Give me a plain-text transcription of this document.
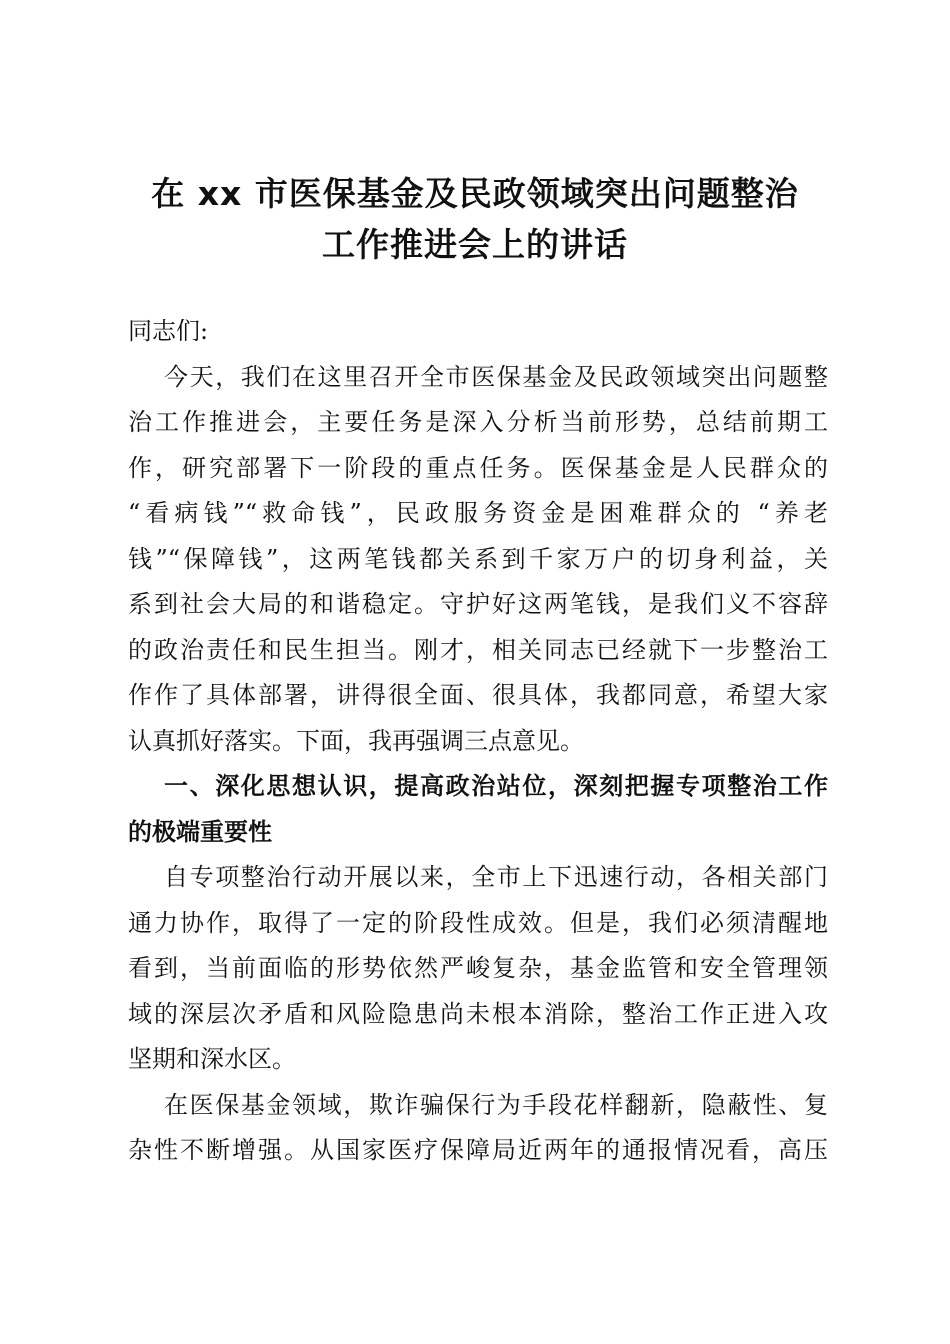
在 xx 市医保基金及民政领域突出问题整治
工作推进会上的讲话
同志们:
今天，我们在这里召开全市医保基金及民政领域突出问题整
治工作推进会，主要任务是深入分析当前形势，总结前期工
作，研究部署下一阶段的重点任务。医保基金是人民群众的
“看病钱”“救命钱”，民政服务资金是困难群众的 “养老
钱”“保障钱”，这两笔钱都关系到千家万户的切身利益，关
系到社会大局的和谐稳定。守护好这两笔钱，是我们义不容辞
的政治责任和民生担当。刚才，相关同志已经就下一步整治工
作作了具体部署，讲得很全面、很具体，我都同意，希望大家
认真抓好落实。下面，我再强调三点意见。
一、深化思想认识，提高政治站位，深刻把握专项整治工作
的极端重要性
自专项整治行动开展以来，全市上下迅速行动，各相关部门
通力协作，取得了一定的阶段性成效。但是，我们必须清醒地
看到，当前面临的形势依然严峻复杂，基金监管和安全管理领
域的深层次矛盾和风险隐患尚未根本消除，整治工作正进入攻
坚期和深水区。
在医保基金领域，欺诈骗保行为手段花样翻新，隐蔽性、复
杂性不断增强。从国家医疗保障局近两年的通报情况看，高压
